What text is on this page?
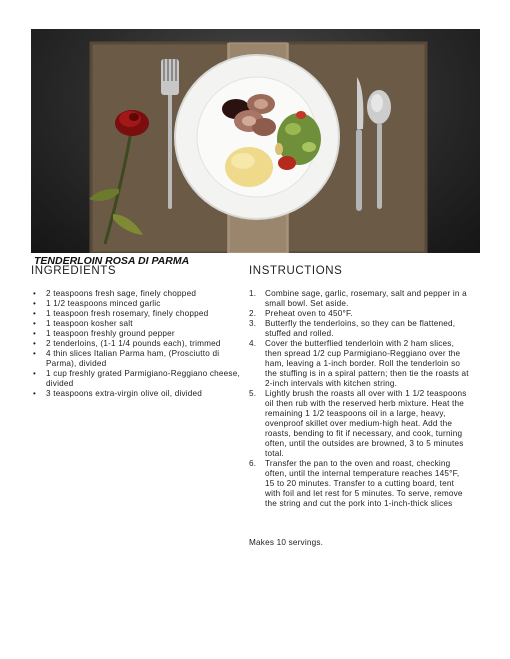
TENDERLOIN ROSA DI PARMA
INGREDIENTS	INSTRUCTIONS
• 2 teaspoons fresh sage, finely chopped
• 1 1/2 teaspoons minced garlic
• 1 teaspoon fresh rosemary, finely chopped
• 1 teaspoon kosher salt
• 1 teaspoon freshly ground pepper
• 2 tenderloins, (1-1 1/4 pounds each), trimmed
• 4 thin slices Italian Parma ham, (Prosciutto di Parma), divided
• 1 cup freshly grated Parmigiano-Reggiano cheese, divided
• 3 teaspoons extra-virgin olive oil, divided
1. Combine sage, garlic, rosemary, salt and pepper in a small bowl. Set aside.
2. Preheat oven to 450°F.
3. Butterfly the tenderloins, so they can be flattened, stuffed and rolled.
4. Cover the butterflied tenderloin with 2 ham slices, then spread 1/2 cup Parmigiano-Reggiano over the ham, leaving a 1-inch border. Roll the tenderloin so the stuffing is in a spiral pattern; then tie the roasts at 2-inch intervals with kitchen string.
5. Lightly brush the roasts all over with 1 1/2 teaspoons oil then rub with the reserved herb mixture. Heat the remaining 1 1/2 teaspoons oil in a large, heavy, ovenproof skillet over medium-high heat. Add the roasts, bending to fit if necessary, and cook, turning often, until the outsides are browned, 3 to 5 minutes total.
6. Transfer the pan to the oven and roast, checking often, until the internal temperature reaches 145°F, 15 to 20 minutes. Transfer to a cutting board, tent with foil and let rest for 5 minutes. To serve, remove the string and cut the pork into 1-inch-thick slices
Makes 10 servings.
